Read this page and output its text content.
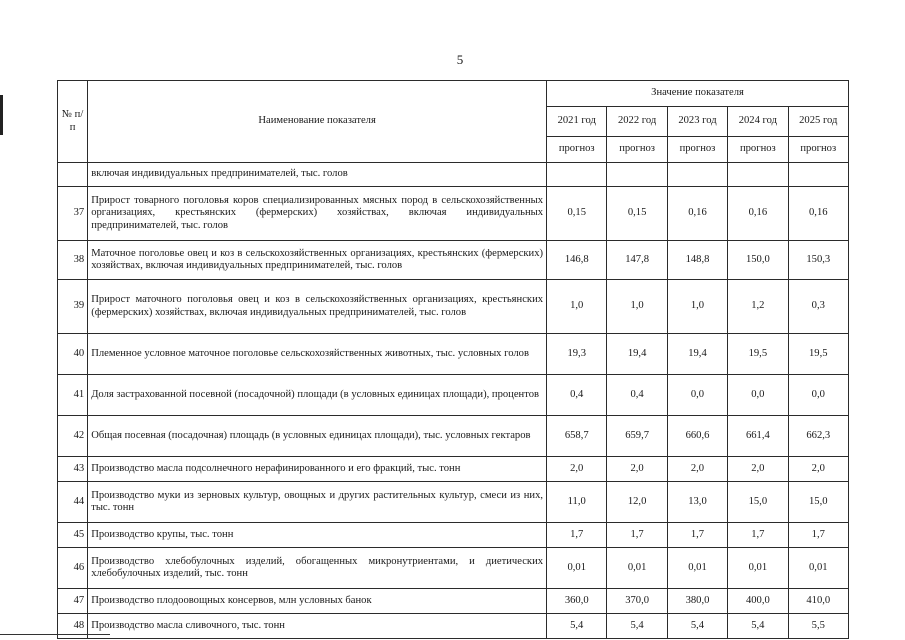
5
№ п/п	Наименование показателя	Значение показателя				
		2021 год	2022 год	2023 год	2024 год	2025 год
		прогноз	прогноз	прогноз	прогноз	прогноз
	включая индивидуальных предпринимателей, тыс. голов					
37	Прирост товарного поголовья коров специализированных мясных пород в сельскохозяйственных организациях, крестьянских (фермерских) хозяйствах, включая индивидуальных предпринимателей, тыс. голов	0,15	0,15	0,16	0,16	0,16
38	Маточное поголовье овец и коз в сельскохозяйственных организациях, крестьянских (фермерских) хозяйствах, включая индивидуальных предпринимателей, тыс. голов	146,8	147,8	148,8	150,0	150,3
39	Прирост маточного поголовья овец и коз в сельскохозяйственных организациях, крестьянских (фермерских) хозяйствах, включая индивидуальных предпринимателей, тыс. голов	1,0	1,0	1,0	1,2	0,3
40	Племенное условное маточное поголовье сельскохозяйственных животных, тыс. условных голов	19,3	19,4	19,4	19,5	19,5
41	Доля застрахованной посевной (посадочной) площади (в условных единицах площади), процентов	0,4	0,4	0,0	0,0	0,0
42	Общая посевная (посадочная) площадь (в условных единицах площади), тыс. условных гектаров	658,7	659,7	660,6	661,4	662,3
43	Производство масла подсолнечного нерафинированного и его фракций, тыс. тонн	2,0	2,0	2,0	2,0	2,0
44	Производство муки из зерновых культур, овощных и других растительных культур, смеси из них, тыс. тонн	11,0	12,0	13,0	15,0	15,0
45	Производство крупы, тыс. тонн	1,7	1,7	1,7	1,7	1,7
46	Производство хлебобулочных изделий, обогащенных микронутриентами, и диетических хлебобулочных изделий, тыс. тонн	0,01	0,01	0,01	0,01	0,01
47	Производство плодоовощных консервов, млн условных банок	360,0	370,0	380,0	400,0	410,0
48	Производство масла сливочного, тыс. тонн	5,4	5,4	5,4	5,4	5,5
